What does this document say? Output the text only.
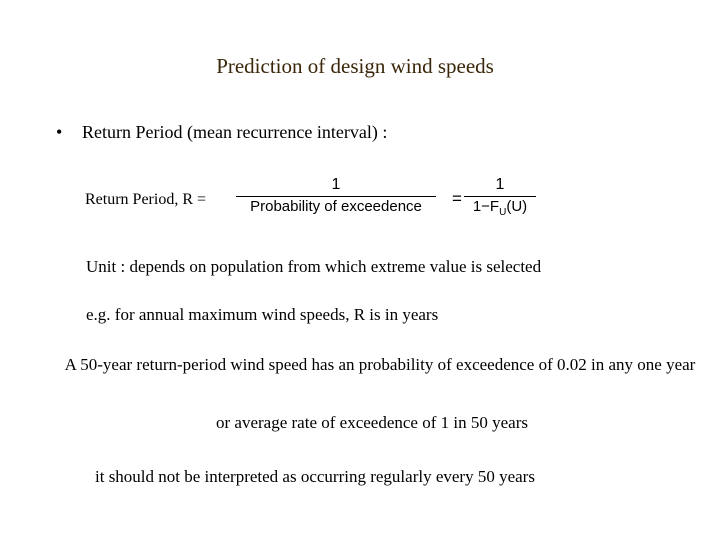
Prediction of design wind speeds
• Return Period (mean recurrence interval) :
Return Period, R =
1
Probability of exceedence	=
1
$1-F_U(U)$
Unit : depends on population from which extreme value is selected
e.g. for annual maximum wind speeds, R is in years
A 50-year return-period wind speed has an probability of exceedence of 0.02 in any one year
or average rate of exceedence of 1 in 50 years
it should not be interpreted as occurring regularly every 50 years
